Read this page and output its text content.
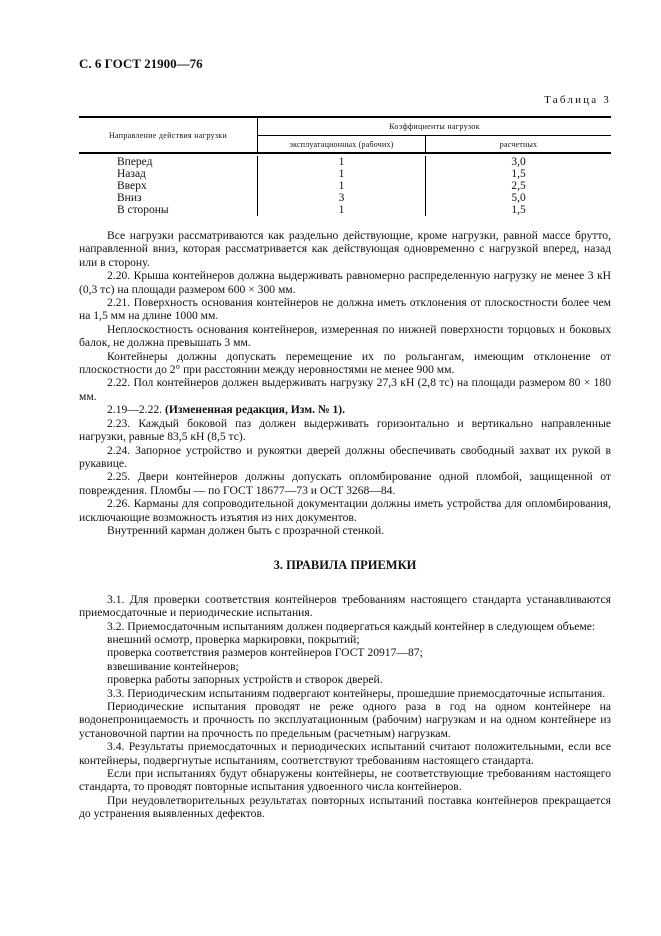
С. 6 ГОСТ 21900—76
Таблица 3
Направление действия нагрузки
Коэффициенты нагрузок
эксплуатационных (рабочих)	расчетных
Вперед	1	3,0
Назад	1	1,5
Вверх	1	2,5
Вниз	3	5,0
В стороны	1	1,5

Все нагрузки рассматриваются как раздельно действующие, кроме нагрузки, равной массе брутто, направленной вниз, которая рассматривается как действующая одновременно с нагрузкой вперед, назад или в сторону.

2.20. Крыша контейнеров должна выдерживать равномерно распределенную нагрузку не менее 3 кН (0,3 тс) на площади размером 600 × 300 мм.

2.21. Поверхность основания контейнеров не должна иметь отклонения от плоскостности более чем на 1,5 мм на длине 1000 мм.

Неплоскостность основания контейнеров, измеренная по нижней поверхности торцовых и боковых балок, не должна превышать 3 мм.

Контейнеры должны допускать перемещение их по рольгангам, имеющим отклонение от плоскостности до 2° при расстоянии между неровностями не менее 900 мм.

2.22. Пол контейнеров должен выдерживать нагрузку 27,3 кН (2,8 тс) на площади размером 80 × 180 мм.

2.19—2.22. (Измененная редакция, Изм. № 1).

2.23. Каждый боковой паз должен выдерживать горизонтально и вертикально направленные нагрузки, равные 83,5 кН (8,5 тс).

2.24. Запорное устройство и рукоятки дверей должны обеспечивать свободный захват их рукой в рукавице.

2.25. Двери контейнеров должны допускать опломбирование одной пломбой, защищенной от повреждения. Пломбы — по ГОСТ 18677—73 и ОСТ 3268—84.

2.26. Карманы для сопроводительной документации должны иметь устройства для опломбирования, исключающие возможность изъятия из них документов.

Внутренний карман должен быть с прозрачной стенкой.

3. ПРАВИЛА ПРИЕМКИ

3.1. Для проверки соответствия контейнеров требованиям настоящего стандарта устанавливаются приемосдаточные и периодические испытания.

3.2. Приемосдаточным испытаниям должен подвергаться каждый контейнер в следующем объеме:

внешний осмотр, проверка маркировки, покрытий;

проверка соответствия размеров контейнеров ГОСТ 20917—87;

взвешивание контейнеров;

проверка работы запорных устройств и створок дверей.

3.3. Периодическим испытаниям подвергают контейнеры, прошедшие приемосдаточные испытания.

Периодические испытания проводят не реже одного раза в год на одном контейнере на водонепроницаемость и прочность по эксплуатационным (рабочим) нагрузкам и на одном контейнере из установочной партии на прочность по предельным (расчетным) нагрузкам.

3.4. Результаты приемосдаточных и периодических испытаний считают положительными, если все контейнеры, подвергнутые испытаниям, соответствуют требованиям настоящего стандарта.

Если при испытаниях будут обнаружены контейнеры, не соответствующие требованиям настоящего стандарта, то проводят повторные испытания удвоенного числа контейнеров.

При неудовлетворительных результатах повторных испытаний поставка контейнеров прекращается до устранения выявленных дефектов.
